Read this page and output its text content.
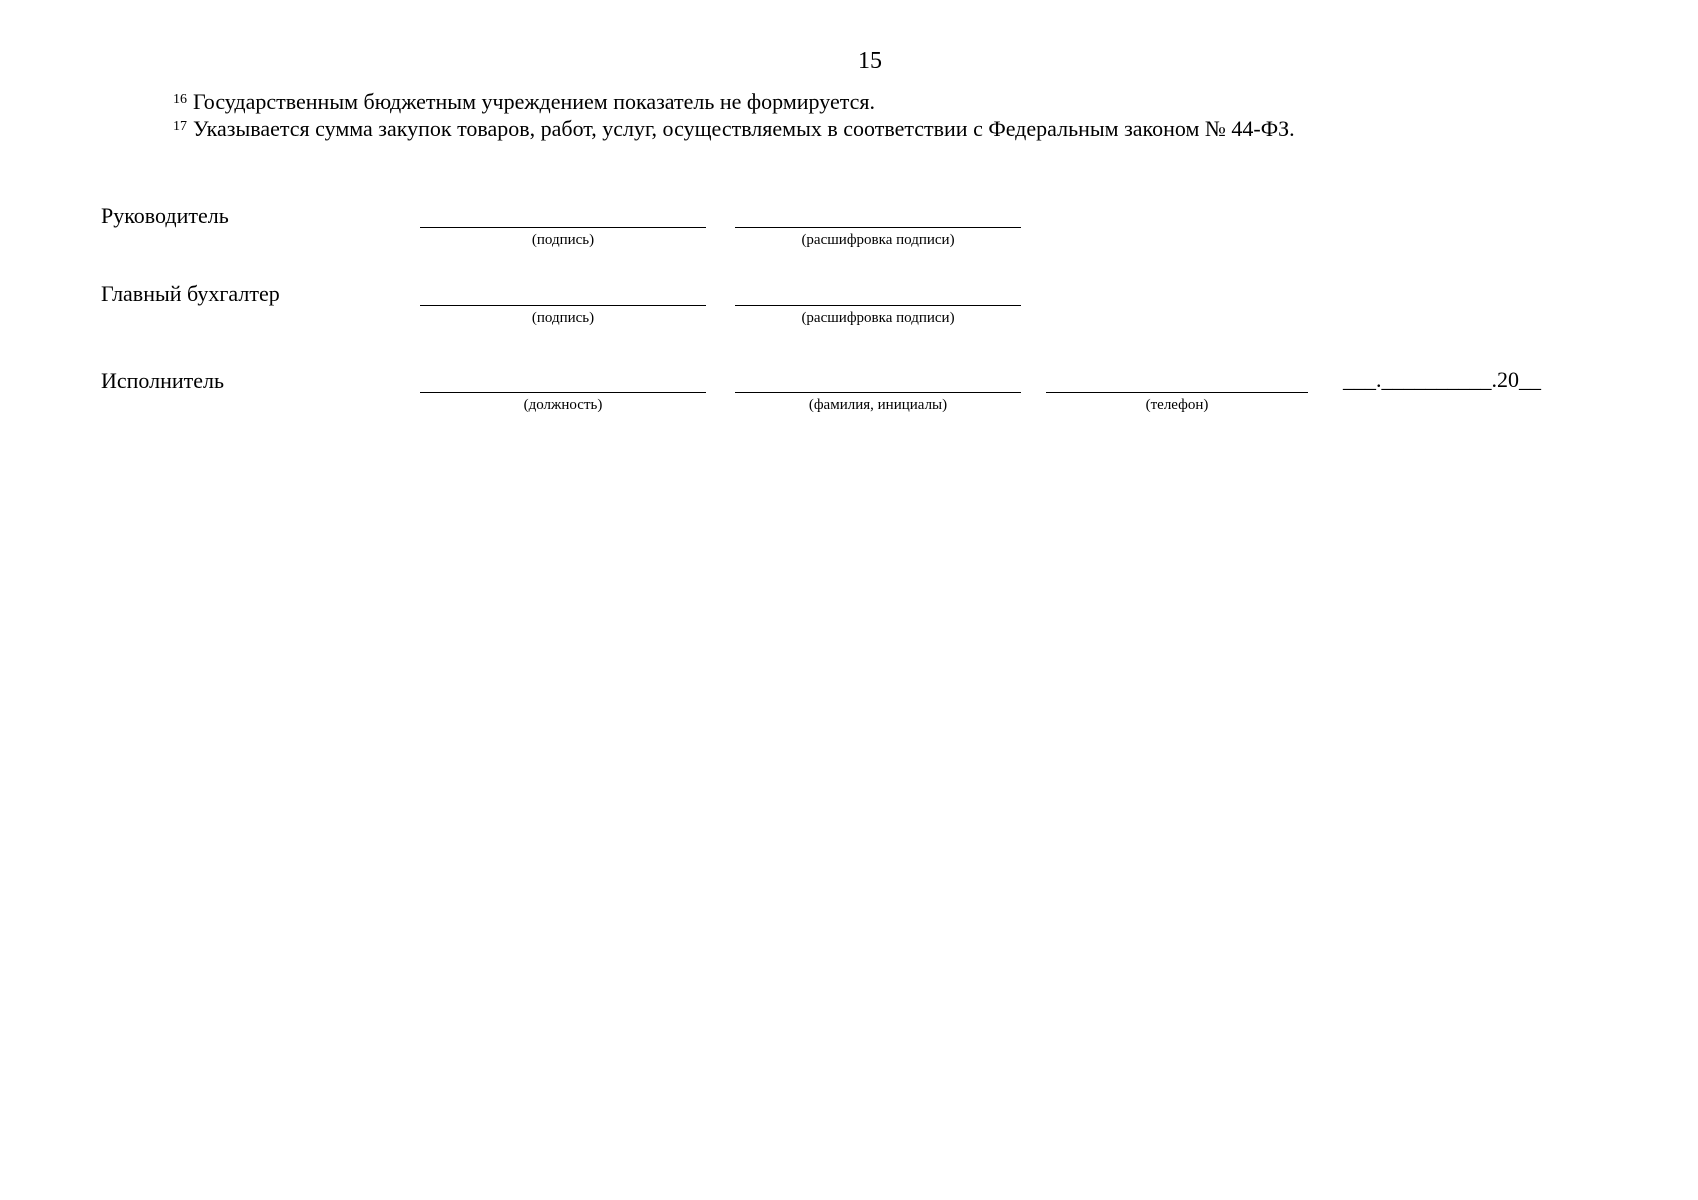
15
$^{16}$ Государственным бюджетным учреждением показатель не формируется.
$^{17}$ Указывается сумма закупок товаров, работ, услуг, осуществляемых в соответствии с Федеральным законом № 44-ФЗ.
Руководитель
(подпись)	(расшифровка подписи)
Главный бухгалтер
(подпись)	(расшифровка подписи)
Исполнитель
(должность)	(фамилия, инициалы)	(телефон)
___.__________.20__
